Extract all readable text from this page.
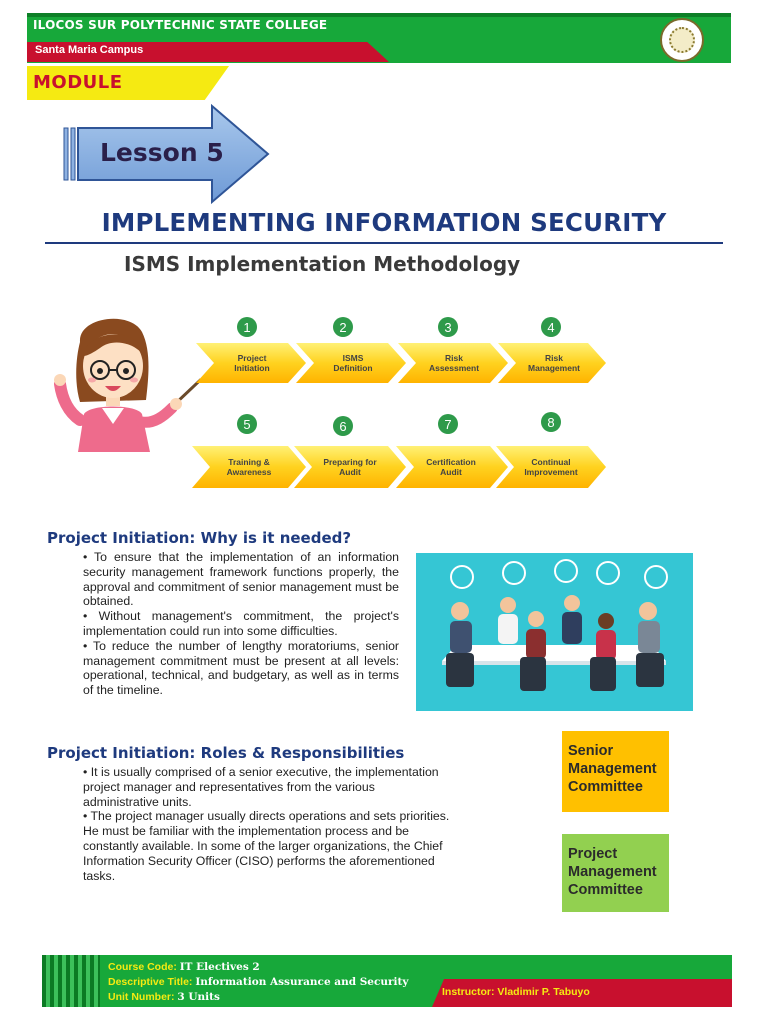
ILOCOS SUR POLYTECHNIC STATE COLLEGE
Santa Maria Campus
MODULE
Lesson 5
IMPLEMENTING INFORMATION SECURITY
ISMS Implementation Methodology
1
Project
Initiation
2
ISMS
Definition
3
Risk
Assessment
4
Risk
Management
5
Training &
Awareness
6
Preparing for
Audit
7
Certification
Audit
8
Continual
Improvement
Project Initiation: Why is it needed?

• To ensure that the implementation of an information security management framework functions properly, the approval and commitment of senior management must be obtained.

• Without management's commitment, the project's implementation could run into some difficulties.

• To reduce the number of lengthy moratoriums, senior management commitment must be present at all levels: operational, technical, and budgetary, as well as in terms of the timeline.

Project Initiation: Roles & Responsibilities

• It is usually comprised of a senior executive, the implementation project manager and representatives from the various administrative units.

• The project manager usually directs operations and sets priorities. He must be familiar with the implementation process and be constantly available. In some of the larger organizations, the Chief Information Security Officer (CISO) performs the aforementioned tasks.

Senior
Management
Committee
Project
Management
Committee
Course Code: IT Electives 2
Descriptive Title: Information Assurance and Security
Unit Number: 3 Units	Instructor: Vladimir P. Tabuyo
